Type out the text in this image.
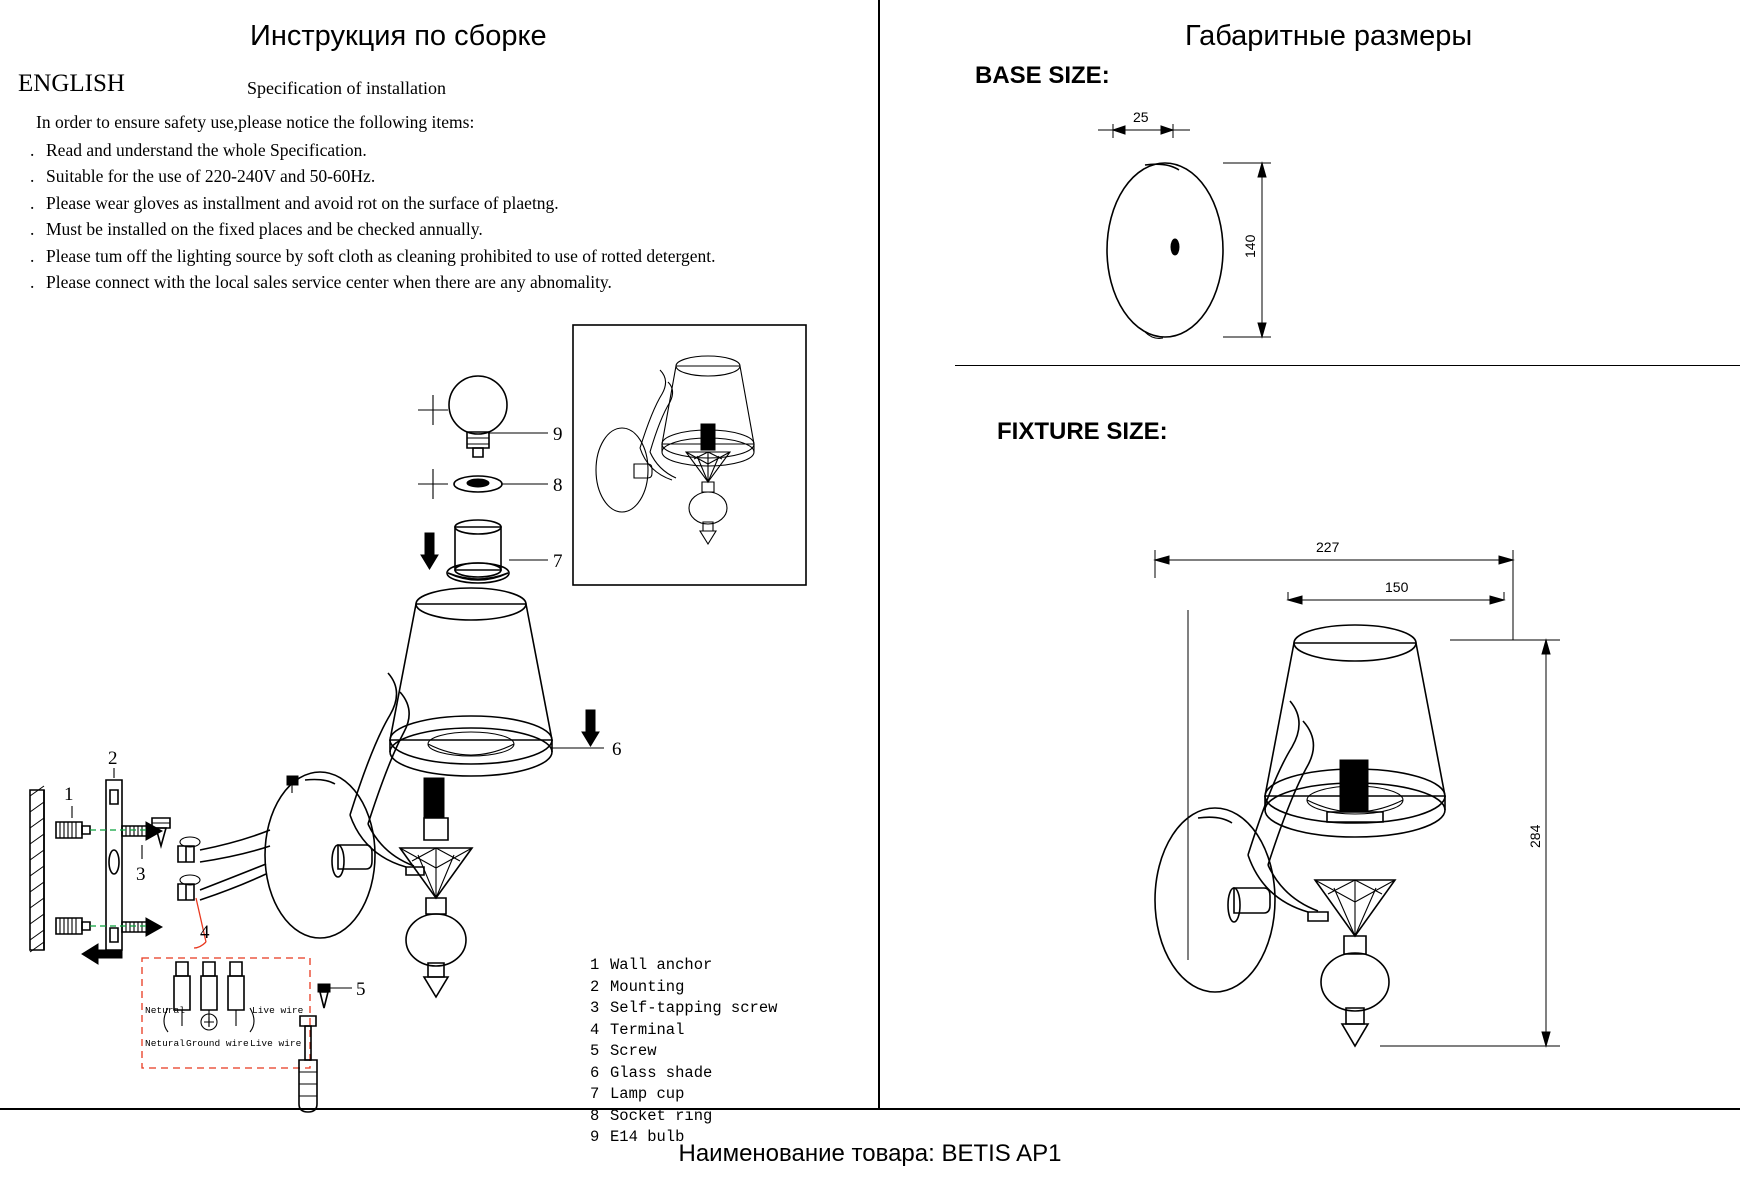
Инструкция по сборке	Габаритные размеры
ENGLISH	Specification of installation	BASE SIZE:
FIXTURE SIZE:

In order to ensure safety use,please notice the following items:

. Read and understand the whole Specification.
. Suitable for the use of 220-240V and 50-60Hz.
. Please wear gloves as installment and avoid rot on the surface of plaetng.
. Must be installed on the fixed places and be checked annually.
. Please tum off the lighting source by soft cloth as cleaning prohibited to use of rotted detergent.
. Please connect with the local sales service center when there are any abnomality.
1 Wall anchor
2 Mounting
3 Self-tapping screw
4 Terminal
5 Screw
6 Glass shade
7 Lamp cup
8 Socket ring
9 E14 bulb
Наименование товара: BETIS AP1
9
8
7
6
1
2
3
4
Netural	Live wire
Netural Ground wire Live wire
5
25
140
227
150
284
